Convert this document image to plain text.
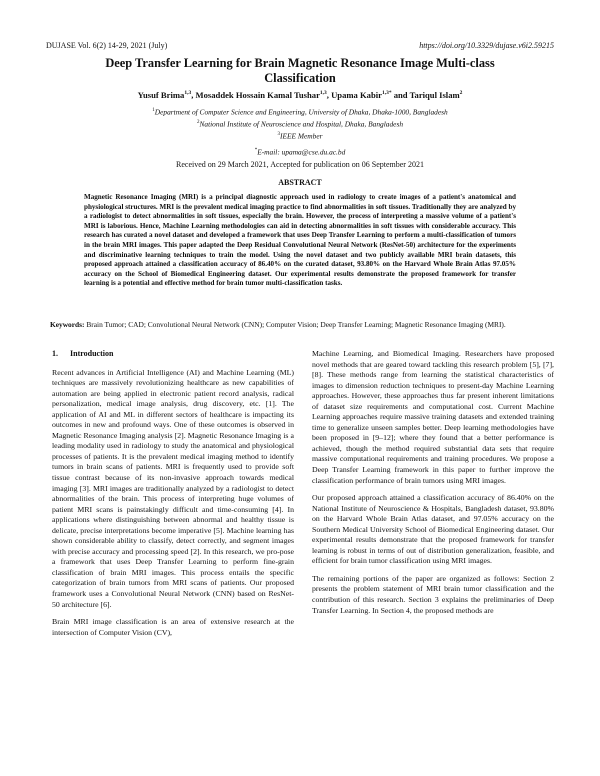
DUJASE Vol. 6(2) 14-29, 2021 (July)	https://doi.org/10.3329/dujase.v6i2.59215
Deep Transfer Learning for Brain Magnetic Resonance Image Multi-class Classification
Yusuf Brima$^{1,3}$, Mosaddek Hossain Kamal Tushar$^{1,3}$, Upama Kabir$^{1,3*}$ and Tariqul Islam$^2$
$^1$Department of Computer Science and Engineering, University of Dhaka, Dhaka-1000, Bangladesh
$^2$National Institute of Neuroscience and Hospital, Dhaka, Bangladesh
$^3$IEEE Member
*E-mail: upama@cse.du.ac.bd
Received on 29 March 2021, Accepted for publication on 06 September 2021
ABSTRACT
Magnetic Resonance Imaging (MRI) is a principal diagnostic approach used in radiology to create images of a patient's anatomical and physiological structures. MRI is the prevalent medical imaging practice to find abnormalities in soft tissues. Traditionally they are analyzed by a radiologist to detect abnormalities in soft tissues, especially the brain. However, the process of interpreting a massive volume of a patient's MRI is laborious. Hence, Machine Learning methodologies can aid in detecting abnormalities in soft tissues with considerable accuracy. This research has curated a novel dataset and developed a framework that uses Deep Transfer Learning to perform a multi-classification of tumors in the brain MRI images. This paper adapted the Deep Residual Convolutional Neural Network (ResNet-50) architecture for the experiments and discriminative learning techniques to train the model. Using the novel dataset and two publicly available MRI brain datasets, this proposed approach attained a classification accuracy of 86.40% on the curated dataset, 93.80% on the Harvard Whole Brain Atlas 97.05% accuracy on the School of Biomedical Engineering dataset. Our experimental results demonstrate the proposed framework for transfer learning is a potential and effective method for brain tumor multi-classification tasks.
Keywords: Brain Tumor; CAD; Convolutional Neural Network (CNN); Computer Vision; Deep Transfer Learning; Magnetic Resonance Imaging (MRI).
1. Introduction

Recent advances in Artificial Intelligence (AI) and Machine Learning (ML) techniques are massively revolutionizing healthcare as new capabilities of automation are being applied in electronic patient record analysis, radical personalization, medical image analysis, drug discovery, etc. [1]. The application of AI and ML in different sectors of healthcare is impacting its outcomes in new and profound ways. One of these outcomes is observed in Magnetic Resonance Imaging analysis [2]. Magnetic Resonance Imaging is a leading modality used in radiology to study the anatomical and physiological processes of patients. It is the prevalent medical imaging method to identify tumors in brain scans of patients. MRI is frequently used to provide soft tissue contrast because of its non-invasive approach towards medical imaging [3]. MRI images are traditionally analyzed by a radiologist to detect abnormalities of the brain. This process of interpreting huge volumes of patient MRI scans is painstakingly difficult and time-consuming [4]. In applications where distinguishing between abnormal and healthy tissue is delicate, precise interpretations become imperative [5]. Machine learning has shown considerable ability to classify, detect correctly, and segment images with precise accuracy and processing speed [2]. In this research, we pro-pose a framework that uses Deep Transfer Learning to perform fine-grain classification of brain MRI images. This process entails the specific categorization of brain tumors from MRI scans of patients. Our proposed framework uses a Convolutional Neural Network (CNN) based on ResNet-50 architecture [6].

Brain MRI image classification is an area of extensive research at the intersection of Computer Vision (CV),

Machine Learning, and Biomedical Imaging. Researchers have proposed novel methods that are geared toward tackling this research problem [5], [7], [8]. These methods range from learning the statistical characteristics of images to dimension reduction techniques to present-day Machine Learning approaches. However, these approaches thus far present inherent limitations of dataset size requirements and computational cost. Current Machine Learning approaches require massive training datasets and extended training time to generalize unseen samples better. Deep learning methodologies have been proposed in [9–12]; where they found that a better performance is achieved, though the method required substantial data sets that require massive computational requirements and training procedures. We propose a Deep Transfer Learning framework in this paper to further improve the classification performance of brain tumors using MRI images.

Our proposed approach attained a classification accuracy of 86.40% on the National Institute of Neuroscience & Hospitals, Bangladesh dataset, 93.80% on the Harvard Whole Brain Atlas dataset, and 97.05% accuracy on the Southern Medical University School of Biomedical Engineering dataset. Our experimental results demonstrate that the proposed framework for transfer learning is robust in terms of out of distribution generalization, feasible, and efficient for brain tumor classification using MRI images.

The remaining portions of the paper are organized as follows: Section 2 presents the problem statement of MRI brain tumor classification and the contribution of this research. Section 3 explains the preliminaries of Deep Transfer Learning. In Section 4, the proposed methods are
